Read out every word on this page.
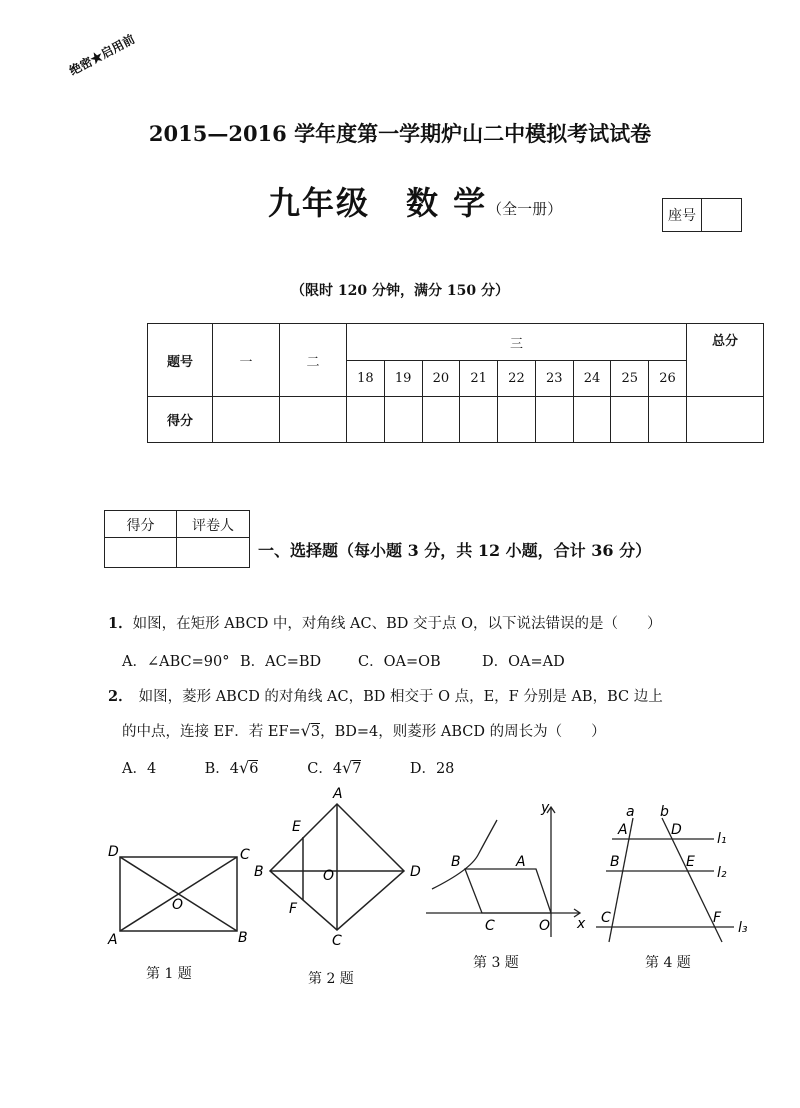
绝密★启用前
2015—2016 学年度第一学期炉山二中模拟考试试卷
九年级 数 学（全一册）	座号
（限时 120 分钟，满分 150 分）
题号	一	二	三									总分
			18	19	20	21	22	23	24	25	26	
得分												
得分	评卷人
一、选择题（每小题 3 分，共 12 小题，合计 36 分）
1．如图，在矩形 ABCD 中，对角线 AC、BD 交于点 O，以下说法错误的是（　　）
A．∠ABC=90° B．AC=BD	C．OA=OB	D．OA=AD
2． 如图，菱形 ABCD 的对角线 AC，BD 相交于 O 点，E，F 分别是 AB，BC 边上
的中点，连接 EF．若 EF=√3，BD=4，则菱形 ABCD 的周长为（　　）
A．4	B．4√6	C．4√7	D．28
D	C
A	B
O
A
B
C
D
E
F
O
y
x
B	A
C	O
a b
A	D
B	E
C	F
l₁
l₂
l₃
第 1 题	第 2 题
第 3 题	第 4 题
